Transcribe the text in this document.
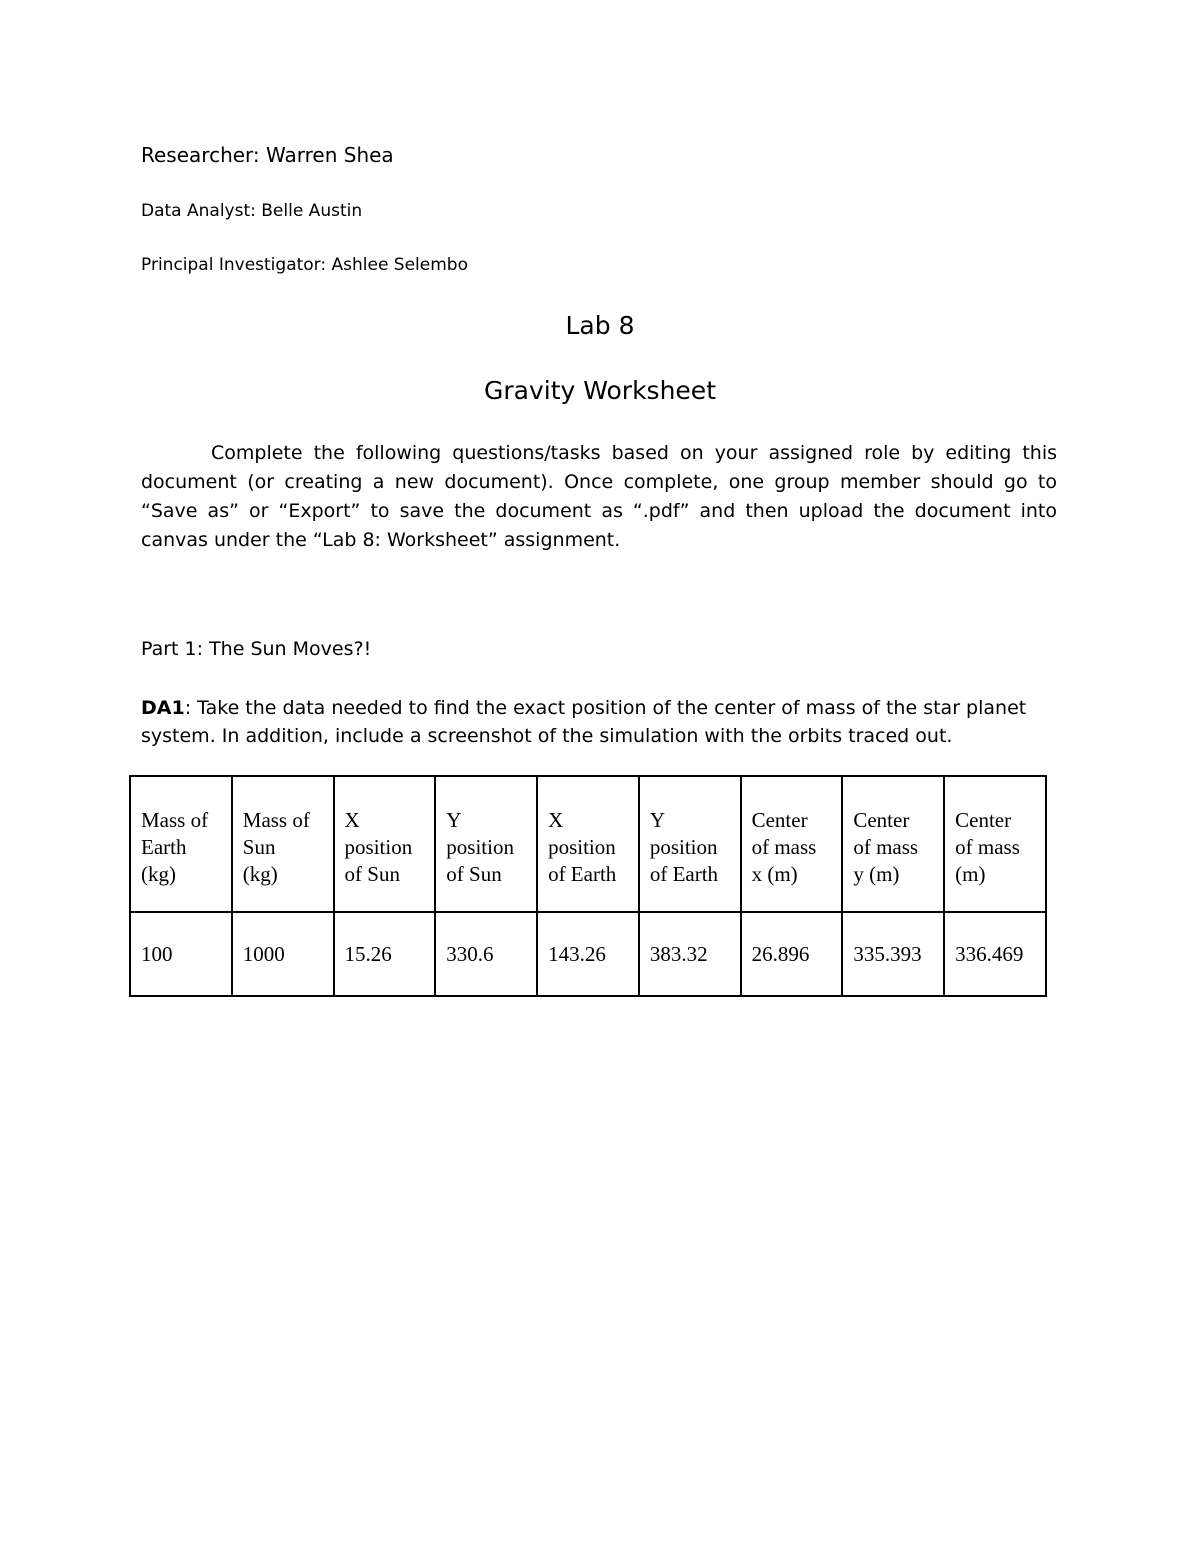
Researcher: Warren Shea

Data Analyst: Belle Austin

Principal Investigator: Ashlee Selembo

Lab 8
Gravity Worksheet

Complete the following questions/tasks based on your assigned role by editing this document (or creating a new document). Once complete, one group member should go to “Save as” or “Export” to save the document as “.pdf” and then upload the document into canvas under the “Lab 8: Worksheet” assignment.

Part 1: The Sun Moves?!

DA1: Take the data needed to find the exact position of the center of mass of the star planet system. In addition, include a screenshot of the simulation with the orbits traced out.

Mass of
Earth
(kg)	Mass of
Sun
(kg)	X
position
of Sun	Y
position
of Sun	X
position
of Earth	Y
position
of Earth	Center
of mass
x (m)	Center
of mass
y (m)	Center
of mass
(m)
100	1000	15.26	330.6	143.26	383.32	26.896	335.393	336.469
